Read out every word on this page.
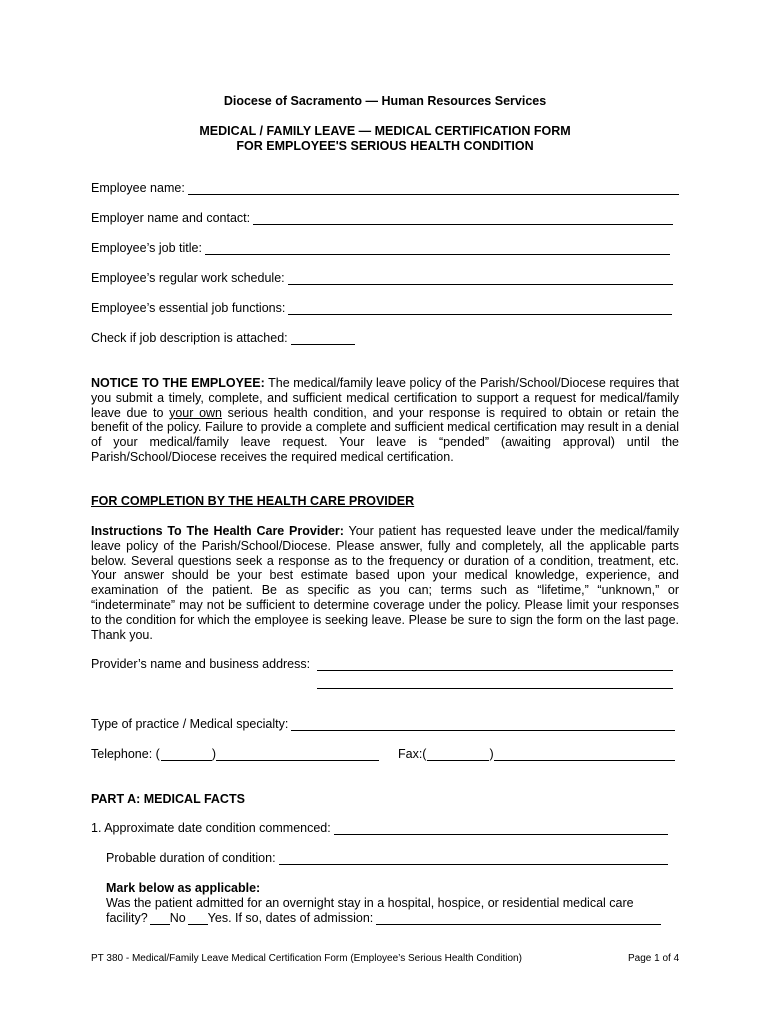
Diocese of Sacramento — Human Resources Services
MEDICAL / FAMILY LEAVE — MEDICAL CERTIFICATION FORM
FOR EMPLOYEE'S SERIOUS HEALTH CONDITION
Employee name:
Employer name and contact:
Employee’s job title:
Employee’s regular work schedule:
Employee’s essential job functions:
Check if job description is attached:
NOTICE TO THE EMPLOYEE: The medical/family leave policy of the Parish/School/Diocese requires that you submit a timely, complete, and sufficient medical certification to support a request for medical/family leave due to your own serious health condition, and your response is required to obtain or retain the benefit of the policy. Failure to provide a complete and sufficient medical certification may result in a denial of your medical/family leave request. Your leave is “pended” (awaiting approval) until the Parish/School/Diocese receives the required medical certification.
FOR COMPLETION BY THE HEALTH CARE PROVIDER
Instructions To The Health Care Provider: Your patient has requested leave under the medical/family leave policy of the Parish/School/Diocese. Please answer, fully and completely, all the applicable parts below. Several questions seek a response as to the frequency or duration of a condition, treatment, etc. Your answer should be your best estimate based upon your medical knowledge, experience, and examination of the patient. Be as specific as you can; terms such as “lifetime,” “unknown,” or “indeterminate” may not be sufficient to determine coverage under the policy. Please limit your responses to the condition for which the employee is seeking leave. Please be sure to sign the form on the last page. Thank you.
Provider’s name and business address:
Type of practice / Medical specialty:
Telephone: (	)	Fax:(	)
PART A: MEDICAL FACTS
1. Approximate date condition commenced:
Probable duration of condition:
Mark below as applicable:
Was the patient admitted for an overnight stay in a hospital, hospice, or residential medical care
facility? No Yes. If so, dates of admission:
PT 380 - Medical/Family Leave Medical Certification Form (Employee’s Serious Health Condition)	Page 1 of 4
